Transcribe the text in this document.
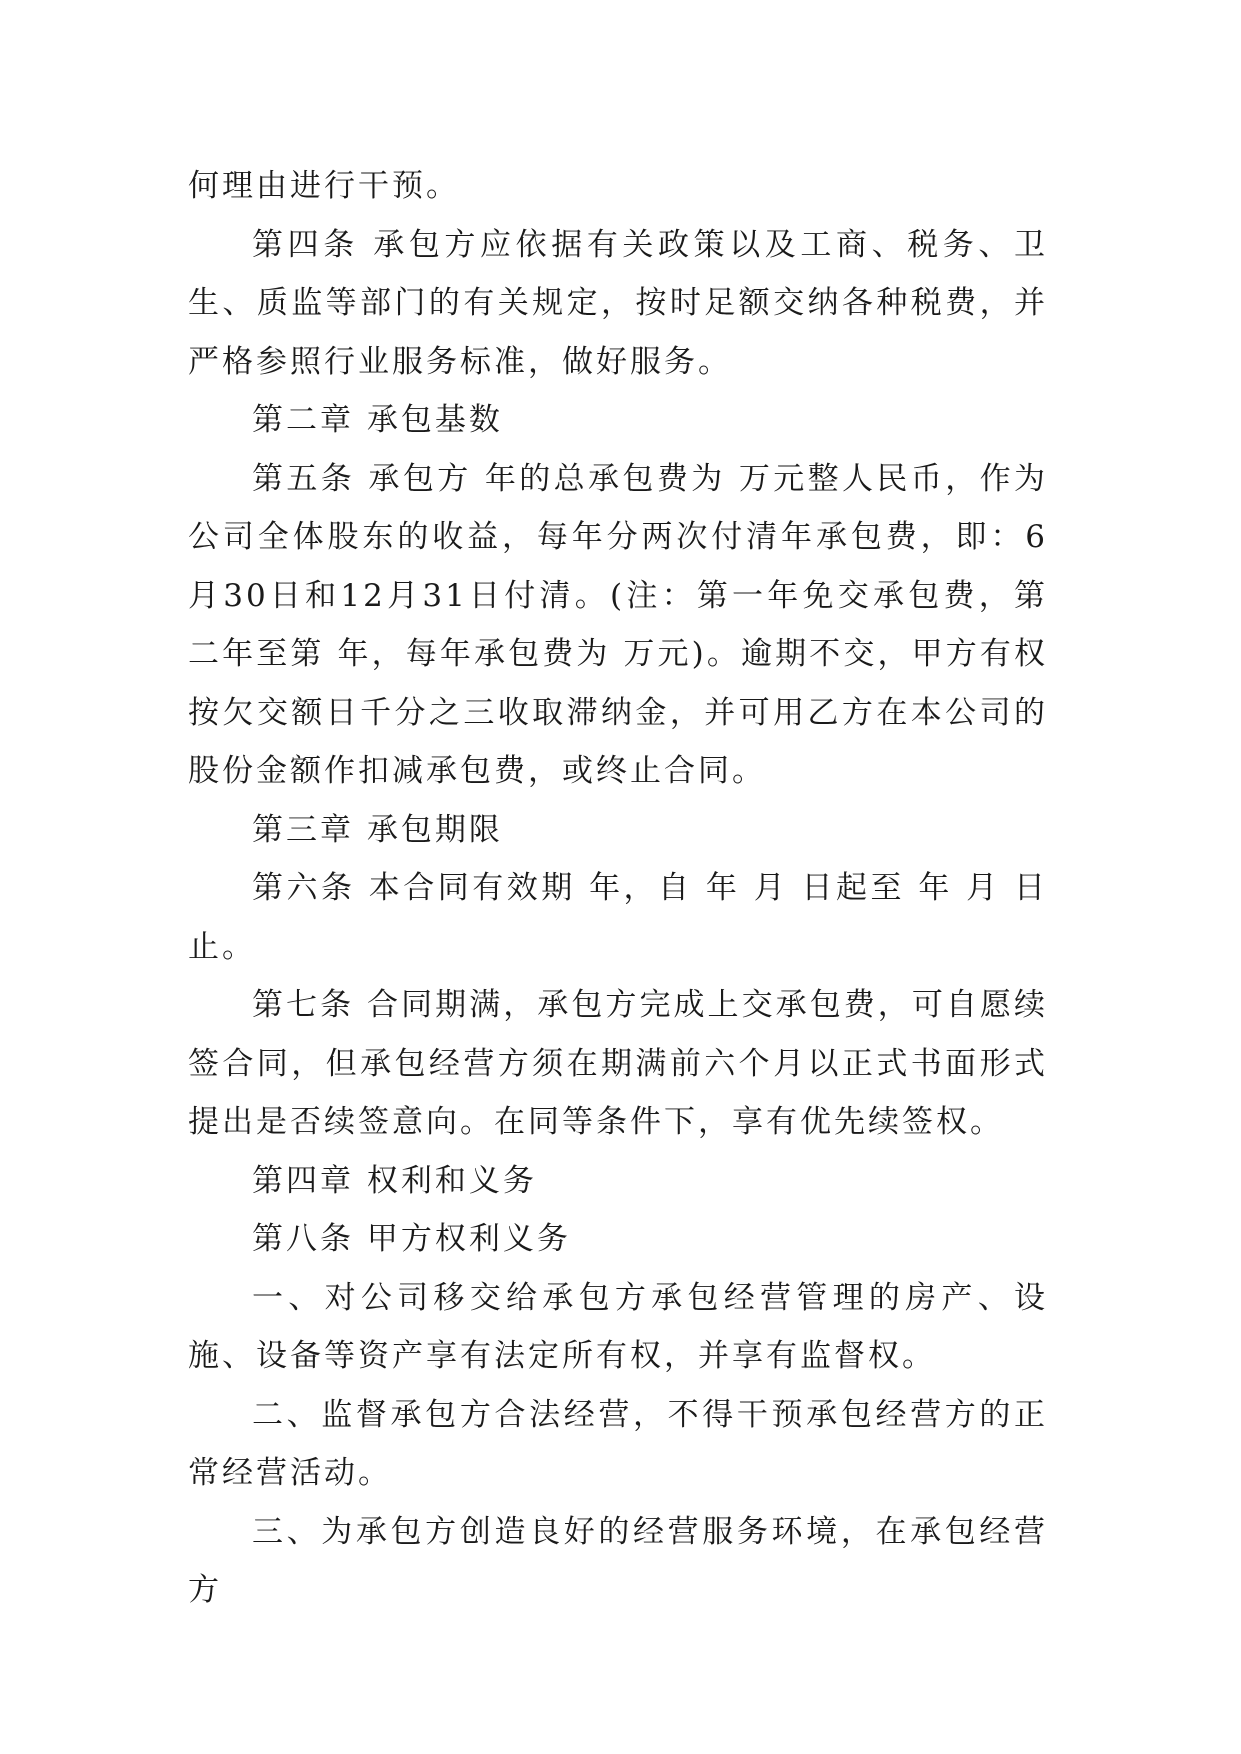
何理由进行干预。

第四条 承包方应依据有关政策以及工商、税务、卫生、质监等部门的有关规定，按时足额交纳各种税费，并严格参照行业服务标准，做好服务。

第二章 承包基数

第五条 承包方 年的总承包费为 万元整人民币，作为公司全体股东的收益，每年分两次付清年承包费，即：6月30日和12月31日付清。(注：第一年免交承包费，第二年至第 年，每年承包费为 万元)。逾期不交，甲方有权按欠交额日千分之三收取滞纳金，并可用乙方在本公司的股份金额作扣减承包费，或终止合同。

第三章 承包期限

第六条 本合同有效期 年，自 年 月 日起至 年 月 日止。

第七条 合同期满，承包方完成上交承包费，可自愿续签合同，但承包经营方须在期满前六个月以正式书面形式提出是否续签意向。在同等条件下，享有优先续签权。

第四章 权利和义务

第八条 甲方权利义务

一、对公司移交给承包方承包经营管理的房产、设施、设备等资产享有法定所有权，并享有监督权。

二、监督承包方合法经营，不得干预承包经营方的正常经营活动。

三、为承包方创造良好的经营服务环境，在承包经营方
